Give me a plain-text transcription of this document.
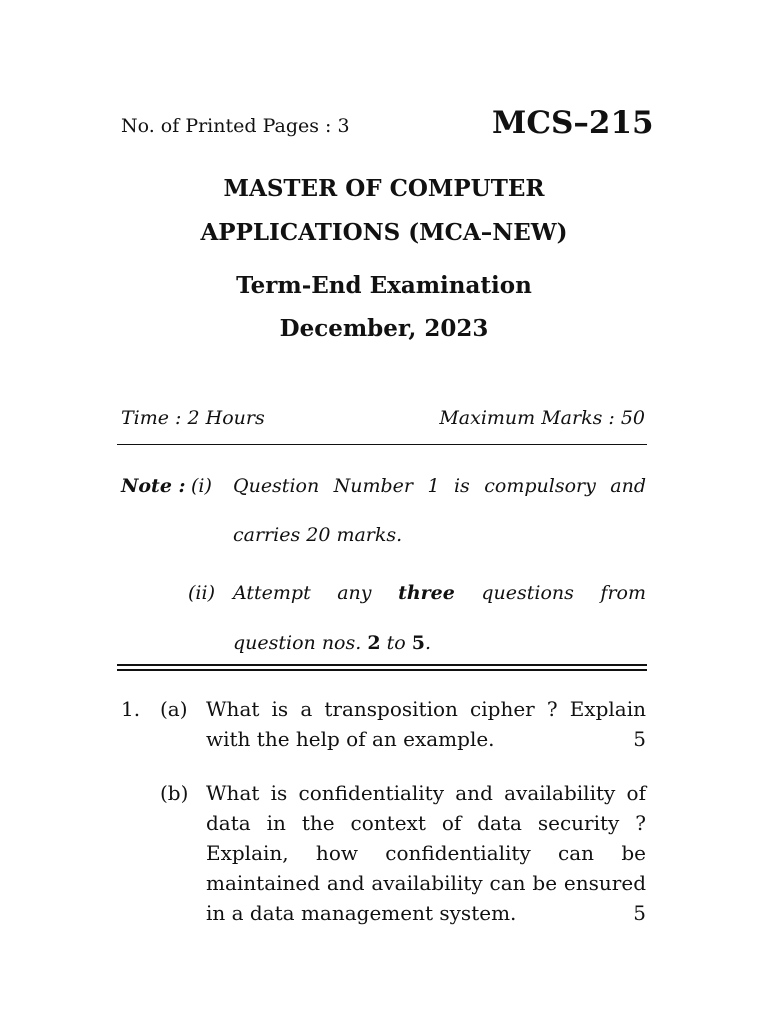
No. of Printed Pages : 3	MCS–215
MASTER OF COMPUTER
APPLICATIONS (MCA–NEW)
Term-End Examination
December, 2023
Time : 2 Hours	Maximum Marks : 50
Note : (i) Question Number 1 is compulsory and
carries 20 marks.
(ii) Attempt any three questions from
question nos. 2 to 5.
1. (a) What is a transposition cipher ? Explain
with the help of an example.	5
(b) What is confidentiality and availability of
data in the context of data security ?
Explain, how confidentiality can be
maintained and availability can be ensured
in a data management system.	5
